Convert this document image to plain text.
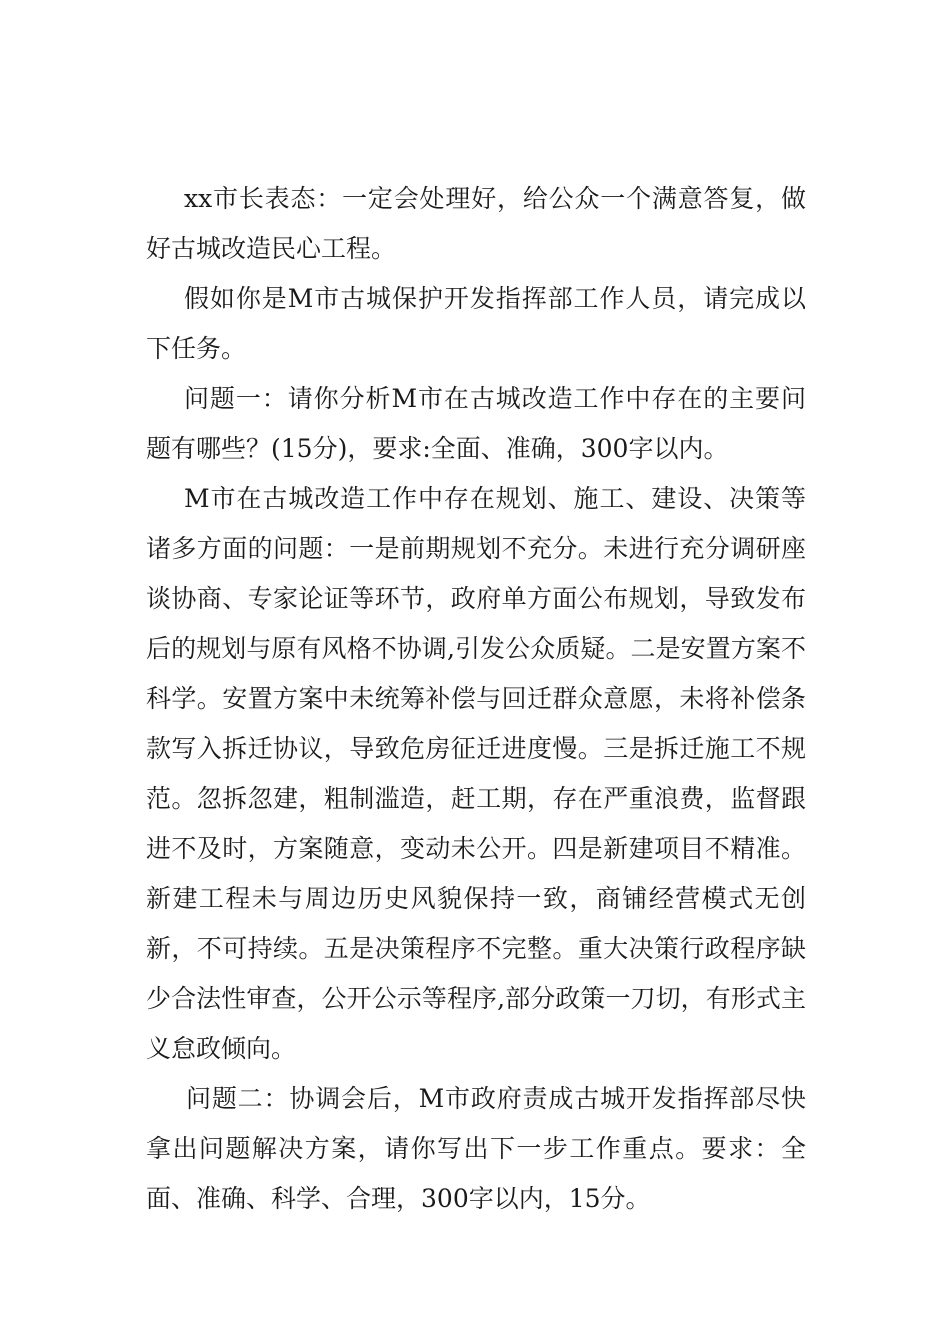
xx市长表态：一定会处理好，给公众一个满意答复，做好古城改造民心工程。

假如你是M市古城保护开发指挥部工作人员，请完成以下任务。

问题一：请你分析M市在古城改造工作中存在的主要问题有哪些？(15分)，要求:全面、准确，300字以内。

M市在古城改造工作中存在规划、施工、建设、决策等诸多方面的问题：一是前期规划不充分。未进行充分调研座谈协商、专家论证等环节，政府单方面公布规划，导致发布后的规划与原有风格不协调,引发公众质疑。二是安置方案不科学。安置方案中未统筹补偿与回迁群众意愿，未将补偿条款写入拆迁协议，导致危房征迁进度慢。三是拆迁施工不规范。忽拆忽建，粗制滥造，赶工期，存在严重浪费，监督跟进不及时，方案随意，变动未公开。四是新建项目不精准。新建工程未与周边历史风貌保持一致，商铺经营模式无创新，不可持续。五是决策程序不完整。重大决策行政程序缺少合法性审查，公开公示等程序,部分政策一刀切，有形式主义怠政倾向。

问题二：协调会后，M市政府责成古城开发指挥部尽快拿出问题解决方案，请你写出下一步工作重点。要求：全面、准确、科学、合理，300字以内，15分。
